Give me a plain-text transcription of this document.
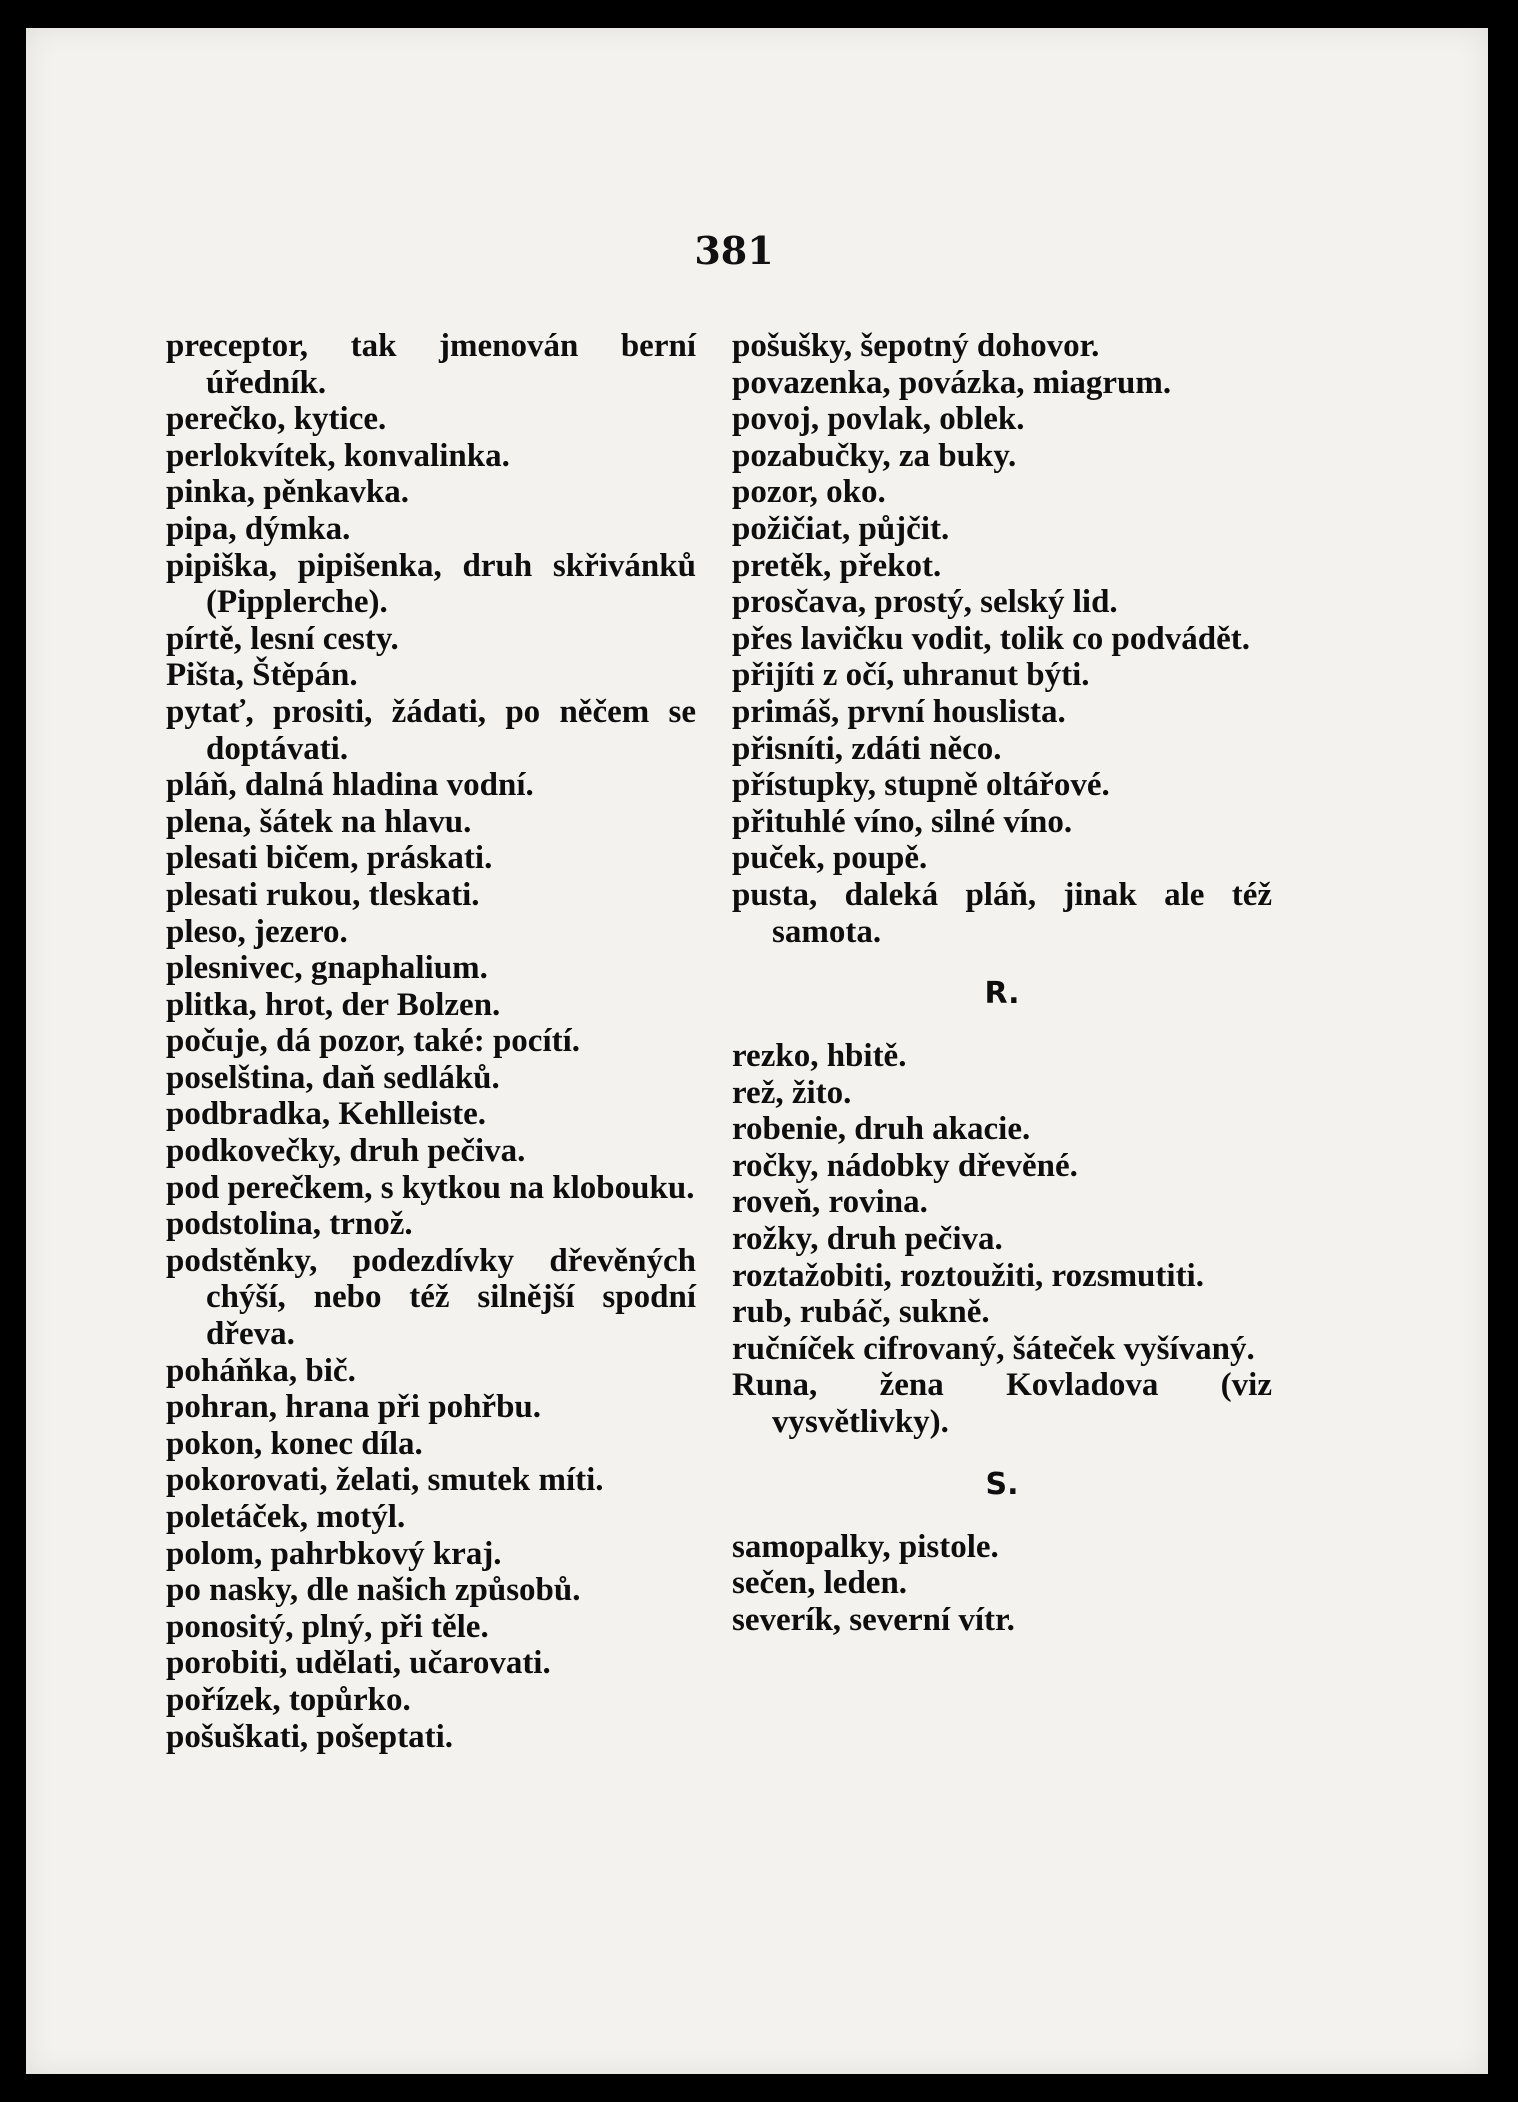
381

preceptor, tak jmenován berní úředník.

perečko, kytice.

perlokvítek, konvalinka.

pinka, pěnkavka.

pipa, dýmka.

pipiška, pipišenka, druh skřivánků (Pipplerche).

pírtě, lesní cesty.

Pišta, Štěpán.

pytať, prositi, žádati, po něčem se doptávati.

pláň, dalná hladina vodní.

plena, šátek na hlavu.

plesati bičem, práskati.

plesati rukou, tleskati.

pleso, jezero.

plesnivec, gnaphalium.

plitka, hrot, der Bolzen.

počuje, dá pozor, také: pocítí.

poselština, daň sedláků.

podbradka, Kehlleiste.

podkovečky, druh pečiva.

pod perečkem, s kytkou na klobouku.

podstolina, trnož.

podstěnky, podezdívky dřevěných chýší, nebo též silnější spodní dřeva.

poháňka, bič.

pohran, hrana při pohřbu.

pokon, konec díla.

pokorovati, želati, smutek míti.

poletáček, motýl.

polom, pahrbkový kraj.

po nasky, dle našich způsobů.

ponositý, plný, při těle.

porobiti, udělati, učarovati.

pořízek, topůrko.

pošuškati, pošeptati.

pošušky, šepotný dohovor.

povazenka, povázka, miagrum.

povoj, povlak, oblek.

pozabučky, za buky.

pozor, oko.

požičiat, půjčit.

pretěk, překot.

prosčava, prostý, selský lid.

přes lavičku vodit, tolik co podvádět.

přijíti z očí, uhranut býti.

primáš, první houslista.

přisníti, zdáti něco.

přístupky, stupně oltářové.

přituhlé víno, silné víno.

puček, poupě.

pusta, daleká pláň, jinak ale též samota.

R.

rezko, hbitě.

rež, žito.

robenie, druh akacie.

ročky, nádobky dřevěné.

roveň, rovina.

rožky, druh pečiva.

roztažobiti, roztoužiti, rozsmutiti.

rub, rubáč, sukně.

ručníček cifrovaný, šáteček vyšívaný.

Runa, žena Kovladova (viz vysvětlivky).

S.

samopalky, pistole.

sečen, leden.

severík, severní vítr.
